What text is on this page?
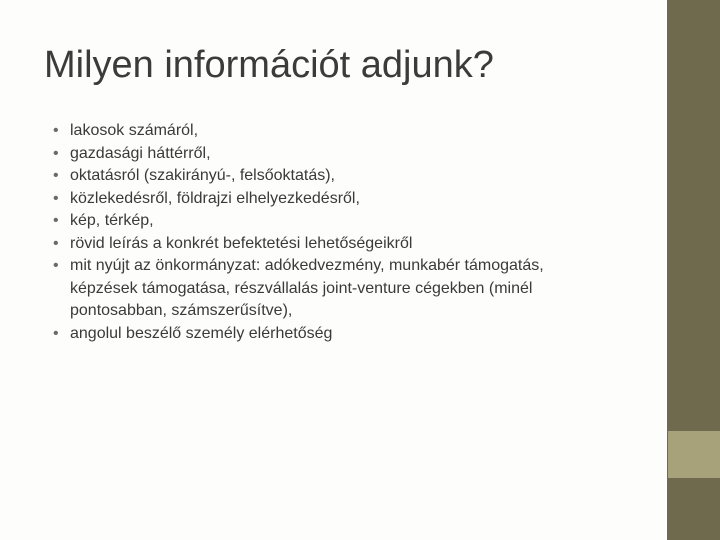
Milyen információt adjunk?
• lakosok számáról,
• gazdasági háttérről,
• oktatásról (szakirányú-, felsőoktatás),
• közlekedésről, földrajzi elhelyezkedésről,
• kép, térkép,
• rövid leírás a konkrét befektetési lehetőségeikről
• mit nyújt az önkormányzat: adókedvezmény, munkabér támogatás, képzések támogatása, részvállalás joint-venture cégekben (minél pontosabban, számszerűsítve),
• angolul beszélő személy elérhetőség
